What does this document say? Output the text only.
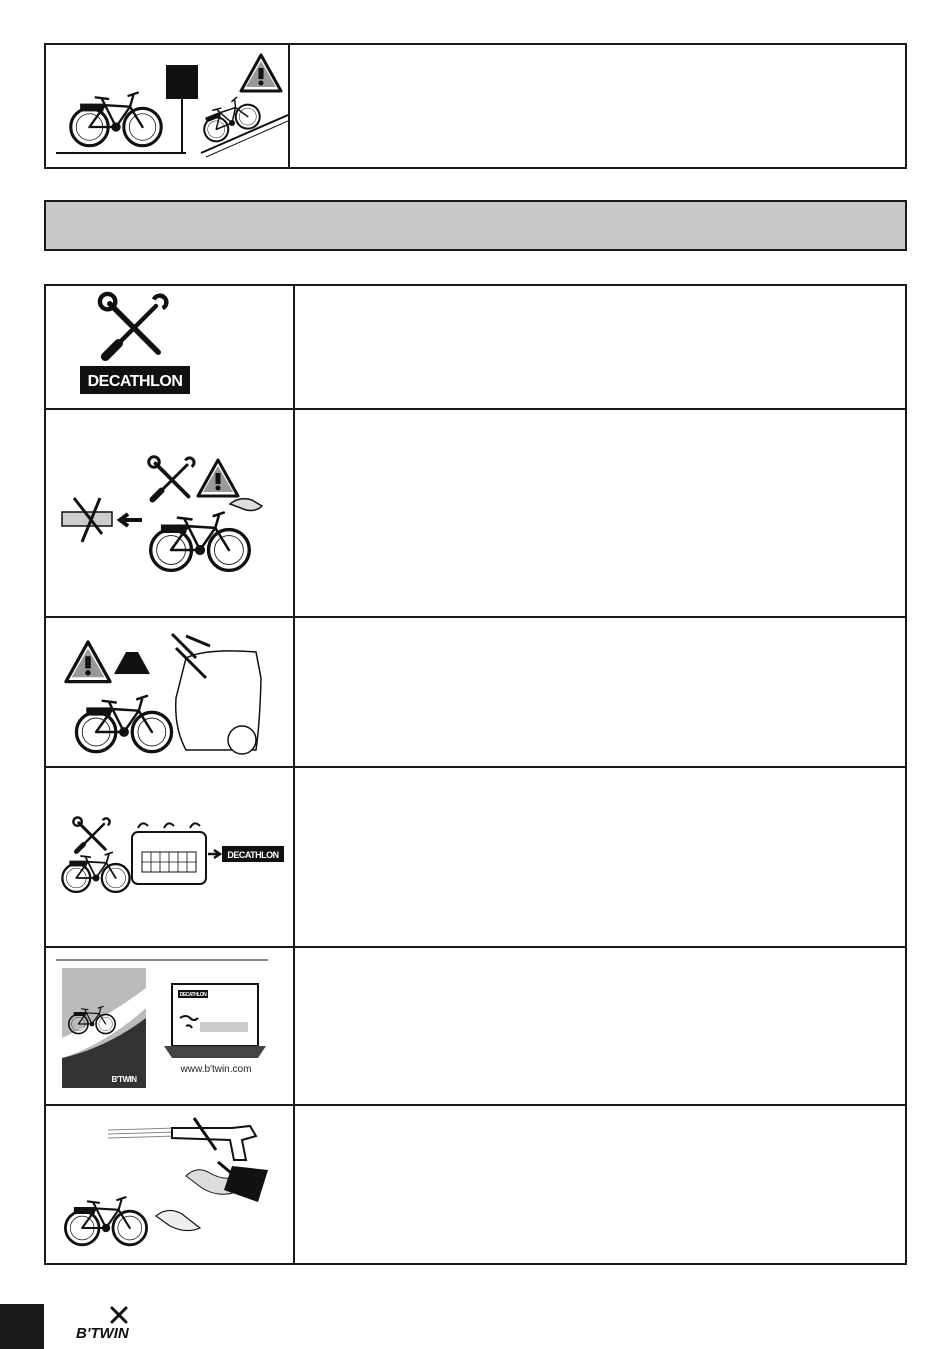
DECATHLON
DECATHLON
B'TWIN
DECATHLON
www.b'twin.com
B'TWIN
